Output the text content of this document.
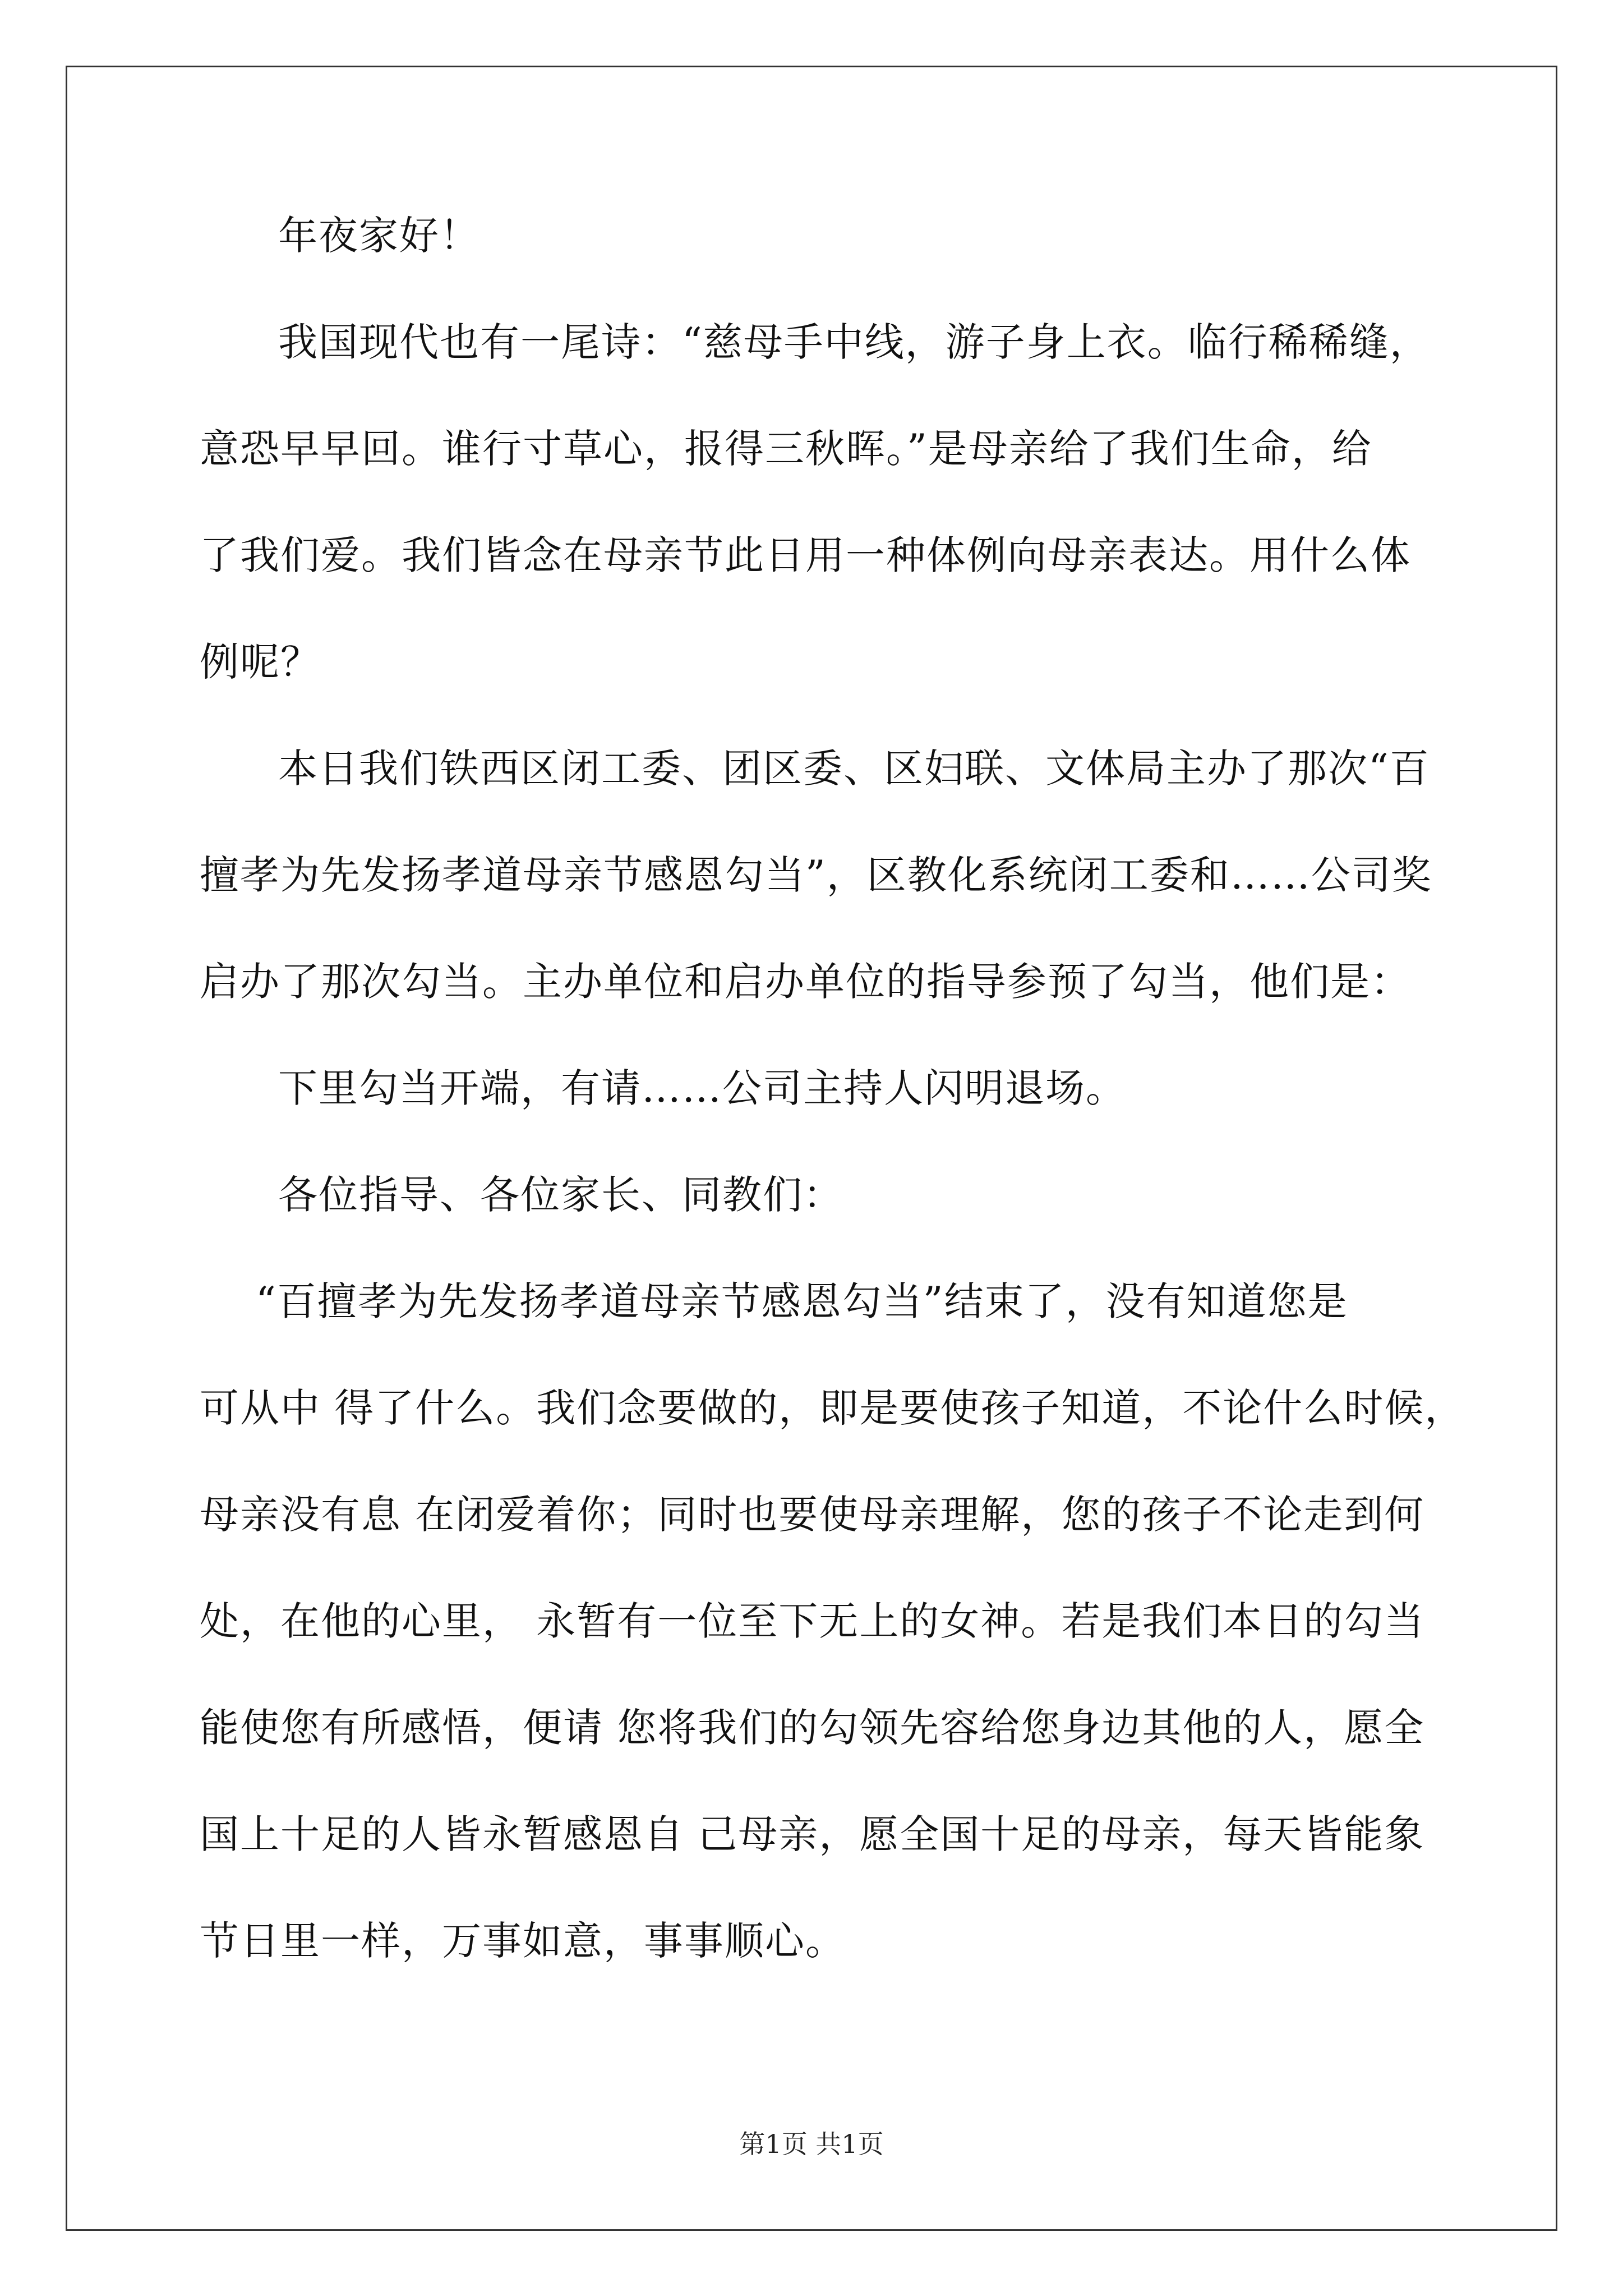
年夜家好！
我国现代也有一尾诗：“慈母手中线，游子身上衣。临行稀稀缝，
意恐早早回。谁行寸草心，报得三秋晖。”是母亲给了我们生命，给
了我们爱。我们皆念在母亲节此日用一种体例向母亲表达。用什么体
例呢？
本日我们铁西区闭工委、团区委、区妇联、文体局主办了那次“百
擅孝为先发扬孝道母亲节感恩勾当”，区教化系统闭工委和……公司奖
启办了那次勾当。主办单位和启办单位的指导参预了勾当，他们是：
下里勾当开端，有请……公司主持人闪明退场。
各位指导、各位家长、同教们：
“百擅孝为先发扬孝道母亲节感恩勾当”结束了，没有知道您是
可从中 得了什么。我们念要做的，即是要使孩子知道，不论什么时候，
母亲没有息 在闭爱着你；同时也要使母亲理解，您的孩子不论走到何
处，在他的心里， 永暂有一位至下无上的女神。若是我们本日的勾当
能使您有所感悟，便请 您将我们的勾领先容给您身边其他的人，愿全
国上十足的人皆永暂感恩自 己母亲，愿全国十足的母亲，每天皆能象
节日里一样，万事如意，事事顺心。
第1页 共1页
